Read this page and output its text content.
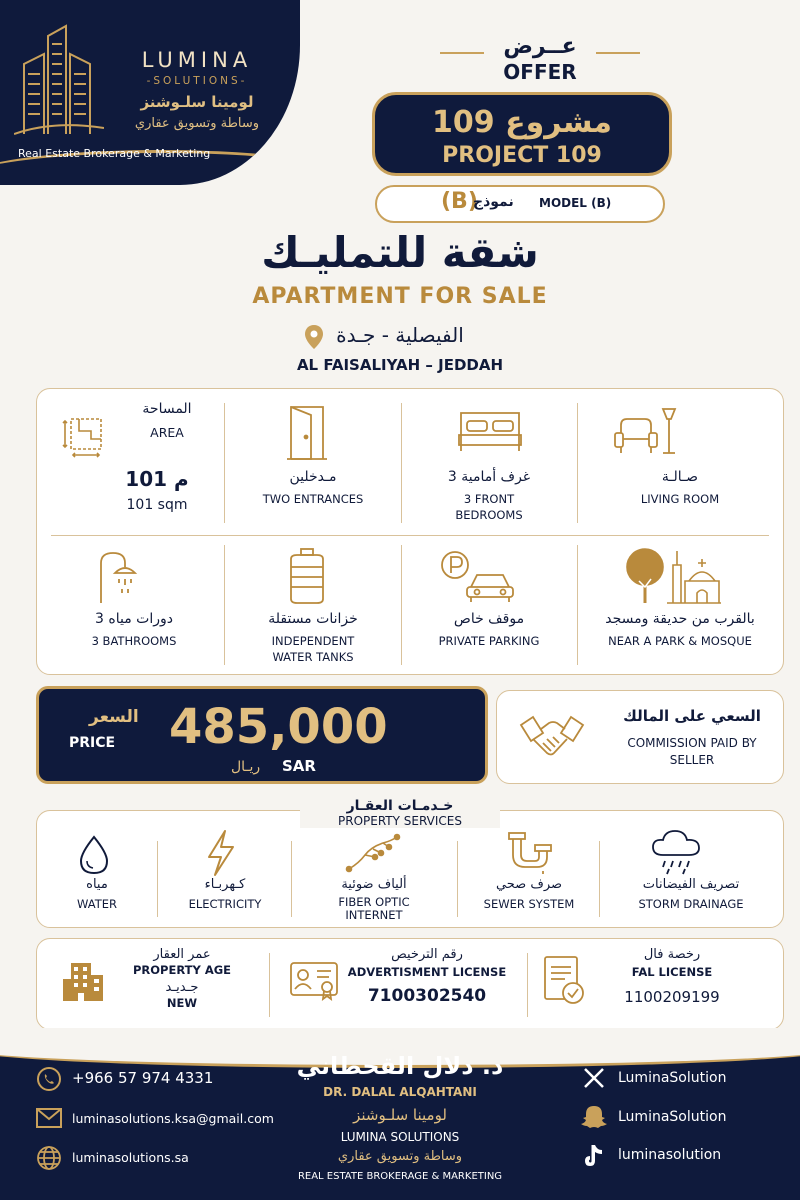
LUMINA
-SOLUTIONS-
لومينا سلـوشنز
وساطة وتسويق عقاري
Real Estate Brokerage & Marketing
عــرض
OFFER
مشروع 109
PROJECT 109
(B)
نموذج MODEL (B)
شقة للتمليـك
APARTMENT FOR SALE
الفيصلية - جـدة
AL FAISALIYAH – JEDDAH
المساحة
AREA
101 م
101 sqm
مـدخلين
TWO ENTRANCES
3 غرف أمامية
3 FRONT BEDROOMS
صـالـة
LIVING ROOM
3 دورات مياه
3 BATHROOMS
خزانات مستقلة
INDEPENDENT WATER TANKS
موقف خاص
PRIVATE PARKING
بالقرب من حديقة ومسجد
NEAR A PARK & MOSQUE
السعر
PRICE 485,000
ريـال SAR
السعي على المالك
COMMISSION PAID BY SELLER
مياه
WATER
كـهربـاء
ELECTRICITY
ألياف ضوئية
FIBER OPTIC INTERNET
صرف صحي
SEWER SYSTEM
تصريف الفيضانات
STORM DRAINAGE
خـدمـات العقـار
PROPERTY SERVICES
عمر العقار
PROPERTY AGE
جـديـد
NEW
رقم الترخيص
ADVERTISMENT LICENSE
7100302540
رخصة فال
FAL LICENSE
1100209199
+966 57 974 4331
luminasolutions.ksa@gmail.com
luminasolutions.sa
د. دلال القحطاني
DR. DALAL ALQAHTANI
لومينا سلـوشنز
LUMINA SOLUTIONS
وساطة وتسويق عقاري
REAL ESTATE BROKERAGE & MARKETING
LuminaSolution
LuminaSolution
luminasolution
